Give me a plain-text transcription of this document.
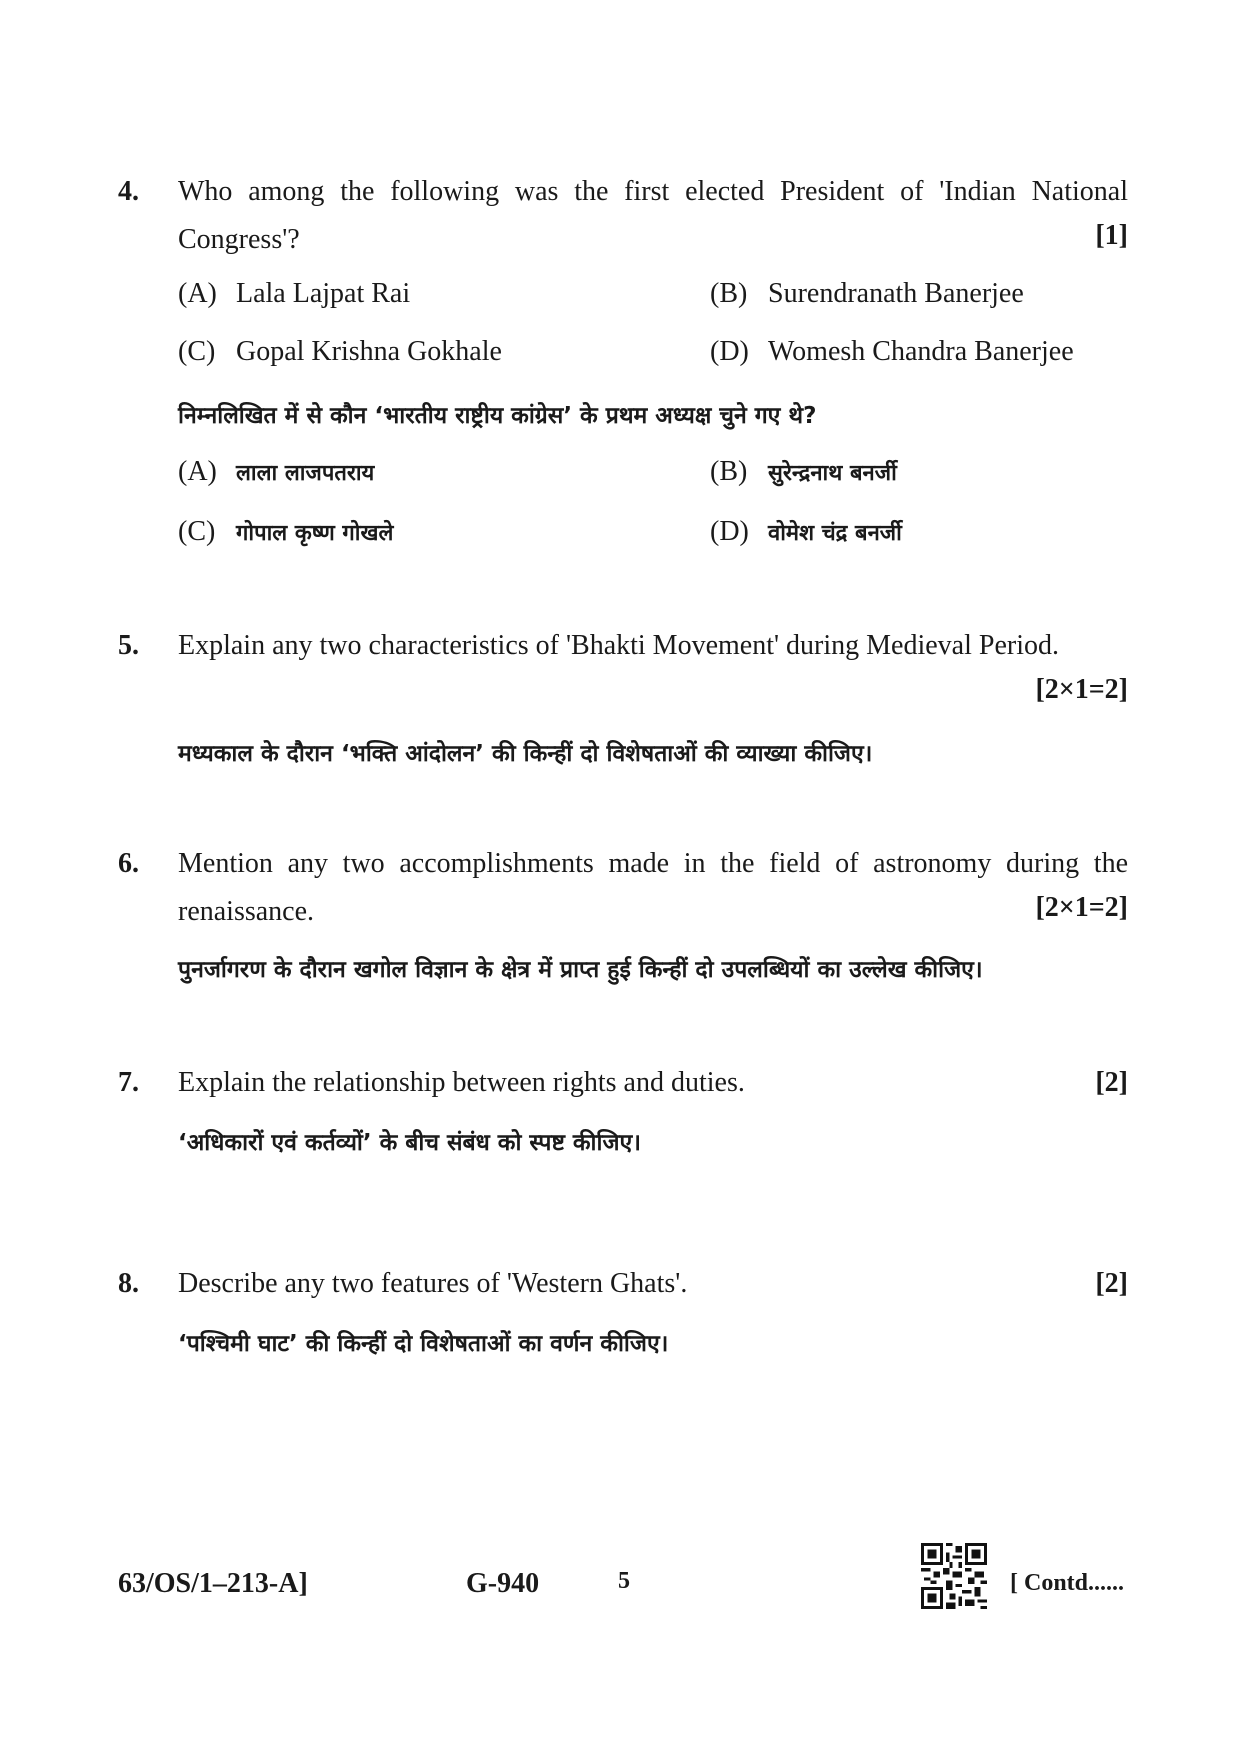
4. Who among the following was the first elected President of 'Indian National Congress'?	[1]
(A) Lala Lajpat Rai	(B) Surendranath Banerjee
(C) Gopal Krishna Gokhale	(D) Womesh Chandra Banerjee
निम्नलिखित में से कौन ‘भारतीय राष्ट्रीय कांग्रेस’ के प्रथम अध्यक्ष चुने गए थे?
(A) लाला लाजपतराय	(B) सुरेन्द्रनाथ बनर्जी
(C) गोपाल कृष्ण गोखले	(D) वोमेश चंद्र बनर्जी
5. Explain any two characteristics of 'Bhakti Movement' during Medieval Period.
[2×1=2]
मध्यकाल के दौरान ‘भक्ति आंदोलन’ की किन्हीं दो विशेषताओं की व्याख्या कीजिए।
6. Mention any two accomplishments made in the field of astronomy during the renaissance.	[2×1=2]
पुनर्जागरण के दौरान खगोल विज्ञान के क्षेत्र में प्राप्त हुई किन्हीं दो उपलब्धियों का उल्लेख कीजिए।
7. Explain the relationship between rights and duties.	[2]
‘अधिकारों एवं कर्तव्यों’ के बीच संबंध को स्पष्ट कीजिए।
8. Describe any two features of 'Western Ghats'.	[2]
‘पश्चिमी घाट’ की किन्हीं दो विशेषताओं का वर्णन कीजिए।
63/OS/1–213-A]	G-940	5	[ Contd......
